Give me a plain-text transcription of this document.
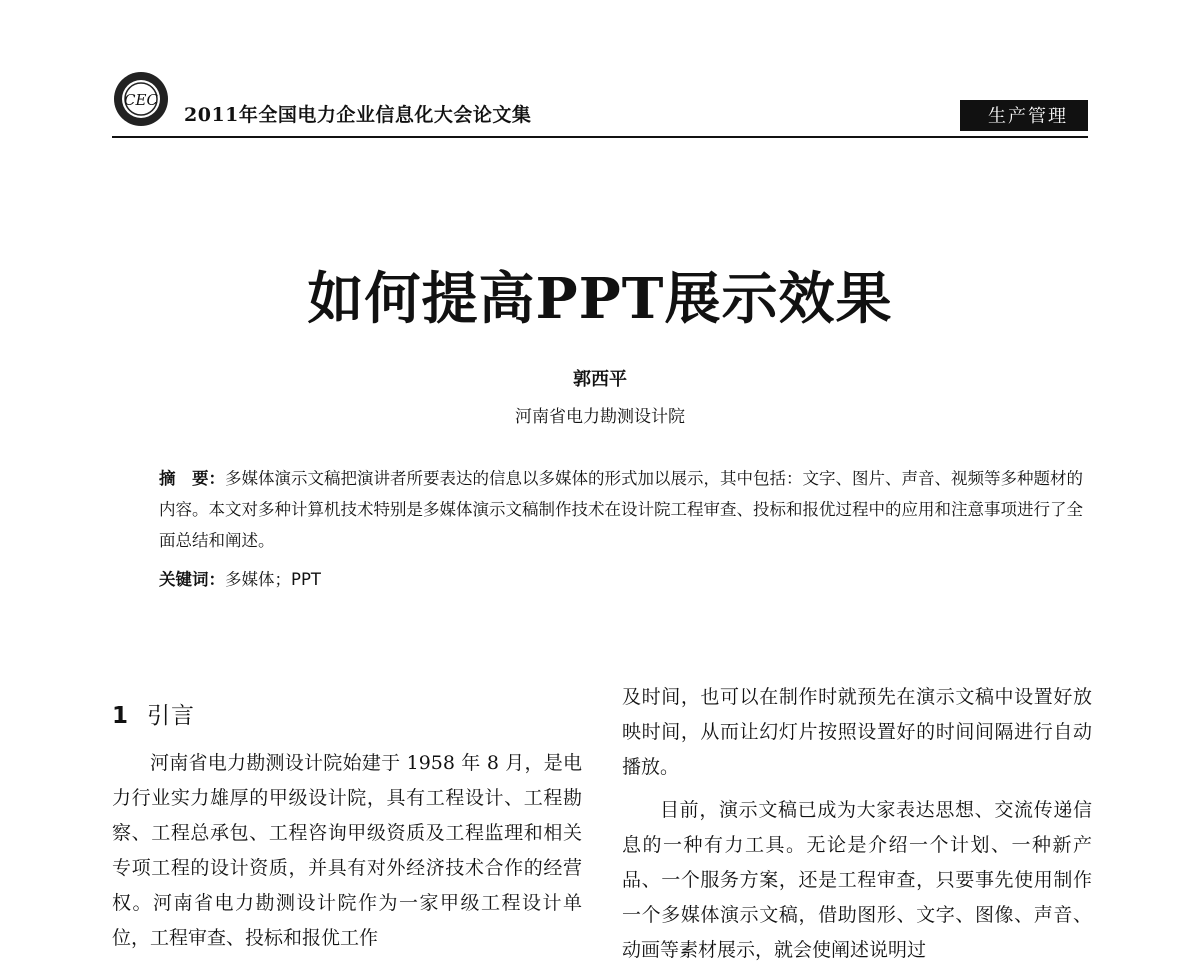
CEC
2011年全国电力企业信息化大会论文集	生产管理
如何提高PPT展示效果
郭西平
河南省电力勘测设计院
摘　要：多媒体演示文稿把演讲者所要表达的信息以多媒体的形式加以展示，其中包括：文字、图片、声音、视频等多种题材的内容。本文对多种计算机技术特别是多媒体演示文稿制作技术在设计院工程审查、投标和报优过程中的应用和注意事项进行了全面总结和阐述。
关键词：多媒体；PPT
1 引言

河南省电力勘测设计院始建于 1958 年 8 月，是电力行业实力雄厚的甲级设计院，具有工程设计、工程勘察、工程总承包、工程咨询甲级资质及工程监理和相关专项工程的设计资质，并具有对外经济技术合作的经营权。河南省电力勘测设计院作为一家甲级工程设计单位，工程审查、投标和报优工作

及时间，也可以在制作时就预先在演示文稿中设置好放映时间，从而让幻灯片按照设置好的时间间隔进行自动播放。

目前，演示文稿已成为大家表达思想、交流传递信息的一种有力工具。无论是介绍一个计划、一种新产品、一个服务方案，还是工程审查，只要事先使用制作一个多媒体演示文稿，借助图形、文字、图像、声音、动画等素材展示，就会使阐述说明过
